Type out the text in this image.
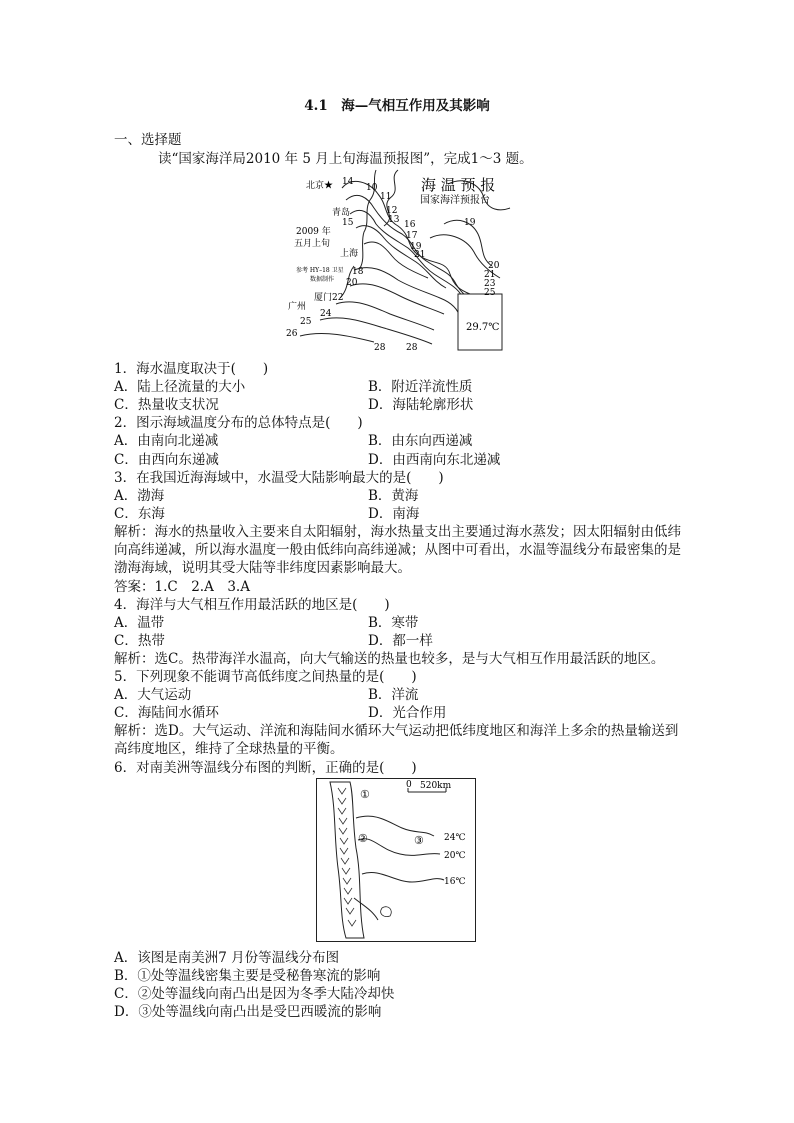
4.1　海—气相互作用及其影响
一、选择题
读“国家海洋局2010 年 5 月上旬海温预报图”，完成1～3 题。
29.7℃
海 温 预 报
国家海洋预报台
北京★
青岛
2009 年
五月上旬
上海
参考 HY–18 卫星
数据制作
厦门22
广州
14
10
11
12
13
15	16
17
19
21
19
18
20
20
21
23
25
24
25
26
28 28
1．海水温度取决于(　　)
A．陆上径流量的大小	B．附近洋流性质
C．热量收支状况	D．海陆轮廓形状
2．图示海域温度分布的总体特点是(　　)
A．由南向北递减	B．由东向西递减
C．由西向东递减	D．由西南向东北递减
3．在我国近海海域中，水温受大陆影响最大的是(　　)
A．渤海	B．黄海
C．东海	D．南海
解析：海水的热量收入主要来自太阳辐射，海水热量支出主要通过海水蒸发；因太阳辐射由低纬向高纬递减，所以海水温度一般由低纬向高纬递减；从图中可看出，水温等温线分布最密集的是渤海海域，说明其受大陆等非纬度因素影响最大。
答案：1.C　2.A　3.A
4．海洋与大气相互作用最活跃的地区是(　　)
A．温带	B．寒带
C．热带	D．都一样
解析：选C。热带海洋水温高，向大气输送的热量也较多，是与大气相互作用最活跃的地区。
5．下列现象不能调节高低纬度之间热量的是(　　)
A．大气运动	B．洋流
C．海陆间水循环	D．光合作用
解析：选D。大气运动、洋流和海陆间水循环大气运动把低纬度地区和海洋上多余的热量输送到高纬度地区，维持了全球热量的平衡。
6．对南美洲等温线分布图的判断，正确的是(　　)
0 520km
①
②	③ 24℃
20℃
16℃
A．该图是南美洲7 月份等温线分布图
B．①处等温线密集主要是受秘鲁寒流的影响
C．②处等温线向南凸出是因为冬季大陆冷却快
D．③处等温线向南凸出是受巴西暖流的影响
